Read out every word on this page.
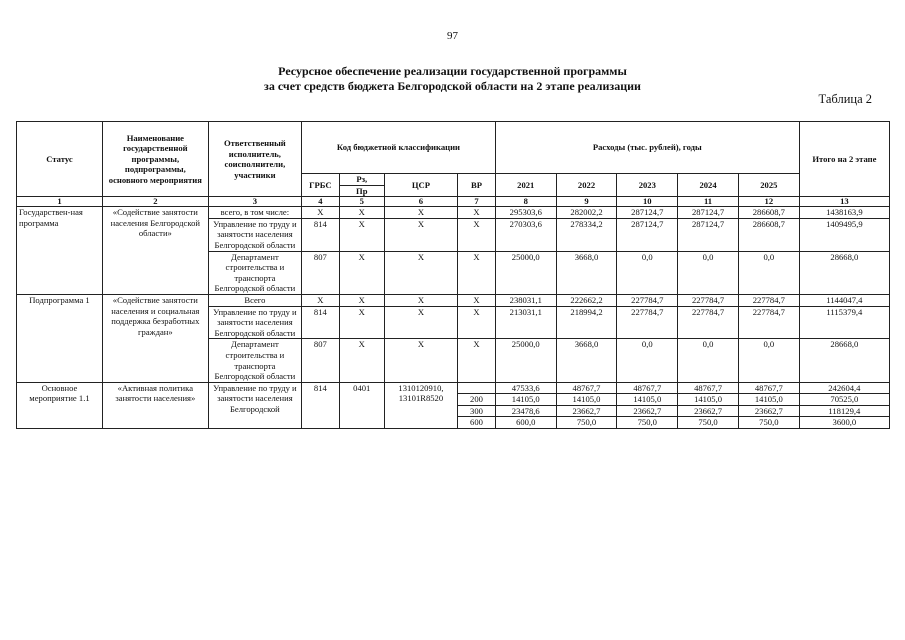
97
Ресурсное обеспечение реализации государственной программы
за счет средств бюджета Белгородской области на 2 этапе реализации
Таблица 2
Статус	Наименование государственной программы, подпрограммы, основного мероприятия	Ответственный исполнитель, соисполнители, участники	Код бюджетной классификации				Расходы (тыс. рублей), годы					Итого на 2 этапе
			ГРБС	Рз,	ЦСР	ВР	2021	2022	2023	2024	2025	
				Пр								
1	2	3	4	5	6	7	8	9	10	11	12	13
Государствен-ная программа	«Содействие занятости населения Белгородской области»	всего, в том числе:	Х	Х	Х	Х	295303,6	282002,2	287124,7	287124,7	286608,7	1438163,9
		Управление по труду и занятости населения Белгородской области	814	Х	Х	Х	270303,6	278334,2	287124,7	287124,7	286608,7	1409495,9
		Департамент строительства и транспорта Белгородской области	807	Х	Х	Х	25000,0	3668,0	0,0	0,0	0,0	28668,0
Подпрограмма 1	«Содействие занятости населения и социальная поддержка безработных граждан»	Всего	Х	Х	Х	Х	238031,1	222662,2	227784,7	227784,7	227784,7	1144047,4
		Управление по труду и занятости населения Белгородской области	814	Х	Х	Х	213031,1	218994,2	227784,7	227784,7	227784,7	1115379,4
		Департамент строительства и транспорта Белгородской области	807	Х	Х	Х	25000,0	3668,0	0,0	0,0	0,0	28668,0
Основное мероприятие 1.1	«Активная политика занятости населения»	Управление по труду и занятости населения Белгородской	814	0401	1310120910, 13101R8520		47533,6	48767,7	48767,7	48767,7	48767,7	242604,4
						200	14105,0	14105,0	14105,0	14105,0	14105,0	70525,0
						300	23478,6	23662,7	23662,7	23662,7	23662,7	118129,4
						600	600,0	750,0	750,0	750,0	750,0	3600,0
